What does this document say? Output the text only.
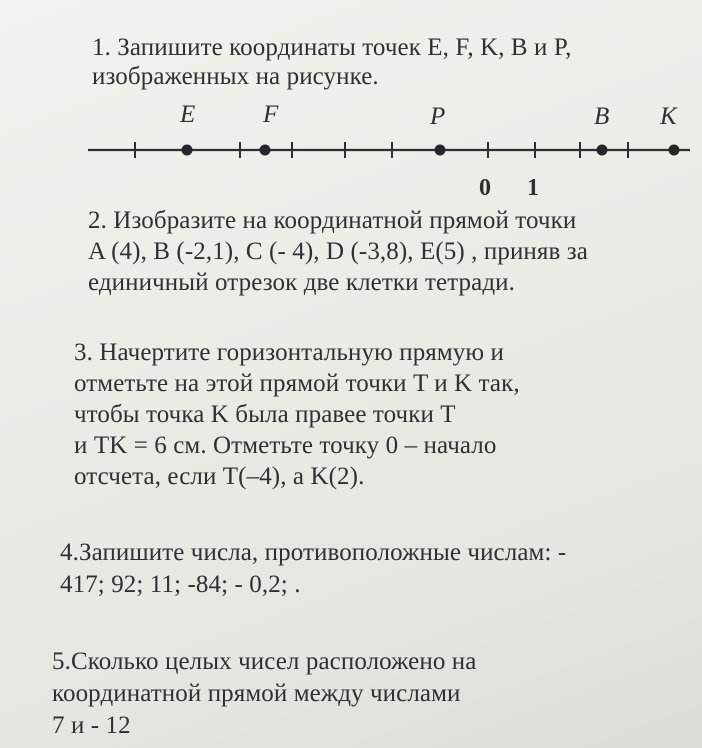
1. Запишите координаты точек E, F, K, B и P,
изображенных на рисунке.
E	F	P	B K
0 1
2. Изобразите на координатной прямой точки
A (4), B (-2,1), C (- 4), D (-3,8), E(5) , приняв за
единичный отрезок две клетки тетради.
3. Начертите горизонтальную прямую и
отметьте на этой прямой точки T и K так,
чтобы точка K была правее точки T
и TK = 6 см. Отметьте точку 0 – начало
отсчета, если T(–4), а K(2).
4.Запишите числа, противоположные числам: -
417; 92; 11; -84; - 0,2; .
5.Сколько целых чисел расположено на
координатной прямой между числами
7 и - 12
